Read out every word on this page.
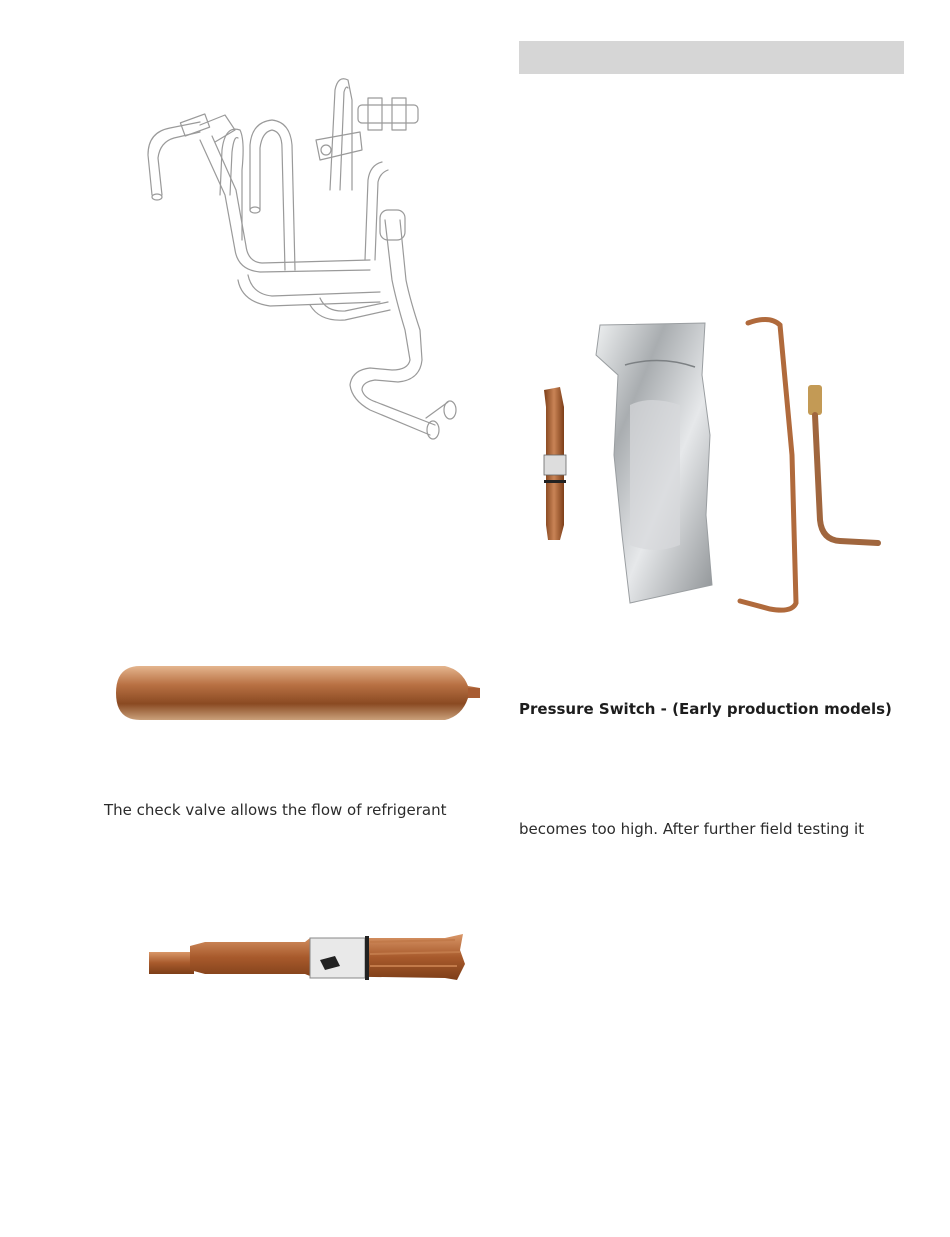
The check valve allows the flow of refrigerant
Pressure Switch - (Early production models)
becomes too high. After further field testing it
